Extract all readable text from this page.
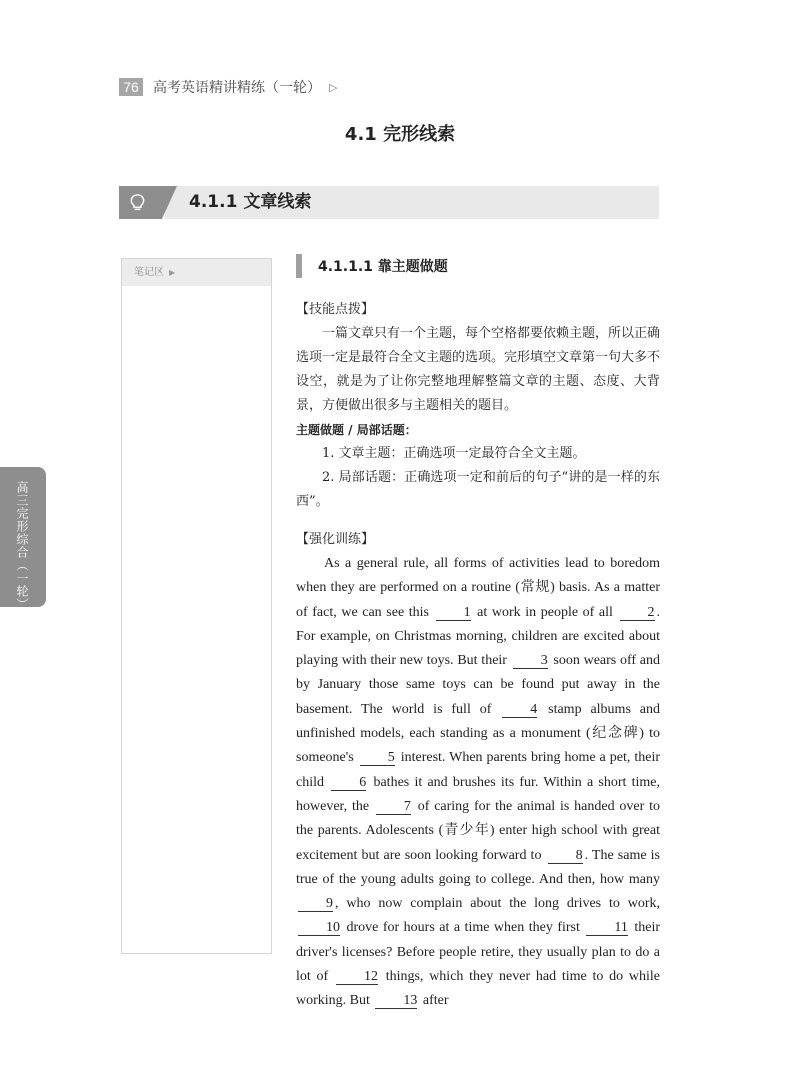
76	高考英语精讲精练（一轮） ▷
4.1 完形线索
4.1.1 文章线索
笔记区 ▶
高三完形综合（一轮）
4.1.1.1 靠主题做题
【技能点拨】

一篇文章只有一个主题，每个空格都要依赖主题，所以正确选项一定是最符合全文主题的选项。完形填空文章第一句大多不设空，就是为了让你完整地理解整篇文章的主题、态度、大背景，方便做出很多与主题相关的题目。

主题做题 / 局部话题：

1. 文章主题：正确选项一定最符合全文主题。

2. 局部话题：正确选项一定和前后的句子“讲的是一样的东西”。

【强化训练】

As a general rule, all forms of activities lead to boredom when they are performed on a routine (常规) basis. As a matter of fact, we can see this 1 at work in people of all 2 . For example, on Christmas morning, children are excited about playing with their new toys. But their 3 soon wears off and by January those same toys can be found put away in the basement. The world is full of 4 stamp albums and unfinished models, each standing as a monument (纪念碑) to someone's 5 interest. When parents bring home a pet, their child 6 bathes it and brushes its fur. Within a short time, however, the 7 of caring for the animal is handed over to the parents. Adolescents (青少年) enter high school with great excitement but are soon looking forward to 8 . The same is true of the young adults going to college. And then, how many 9 , who now complain about the long drives to work, 10 drove for hours at a time when they first 11 their driver's licenses? Before people retire, they usually plan to do a lot of 12 things, which they never had time to do while working. But 13 after
